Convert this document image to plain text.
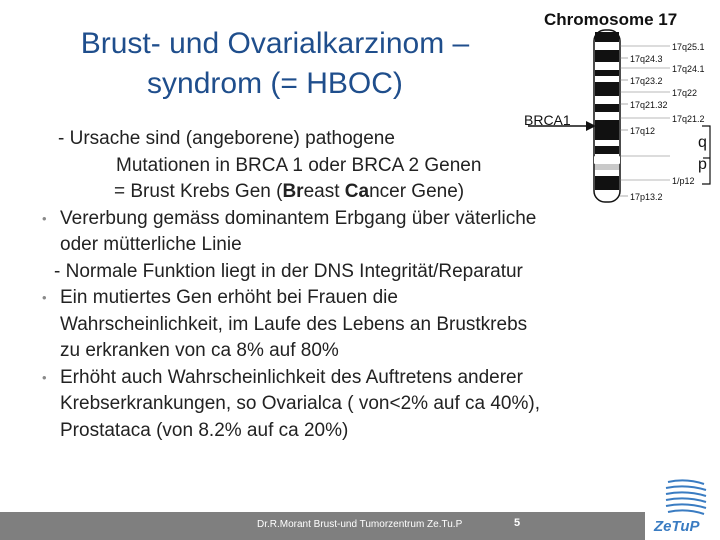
Brust- und Ovarialkarzinom –
syndrom (= HBOC)
Chromosome 17
BRCA1
17q25.1
17q24.1
17q22
17q21.2
17q12
1/p12
17q24.3
17q23.2
17q21.32
17p13.2
q
p
- Ursache sind (angeborene) pathogene
Mutationen in BRCA 1 oder BRCA 2 Genen
= Brust Krebs Gen (Breast Cancer Gene)
• Vererbung gemäss dominantem Erbgang über väterliche
oder mütterliche Linie
- Normale Funktion liegt in der DNS Integrität/Reparatur
• Ein mutiertes Gen erhöht bei Frauen die
Wahrscheinlichkeit, im Laufe des Lebens an Brustkrebs
zu erkranken von ca 8% auf 80%
• Erhöht auch Wahrscheinlichkeit des Auftretens anderer
Krebserkrankungen, so Ovarialca ( von<2% auf ca 40%),
Prostataca (von 8.2% auf ca 20%)
Dr.R.Morant Brust-und Tumorzentrum Ze.Tu.P	5	ZeTuP
